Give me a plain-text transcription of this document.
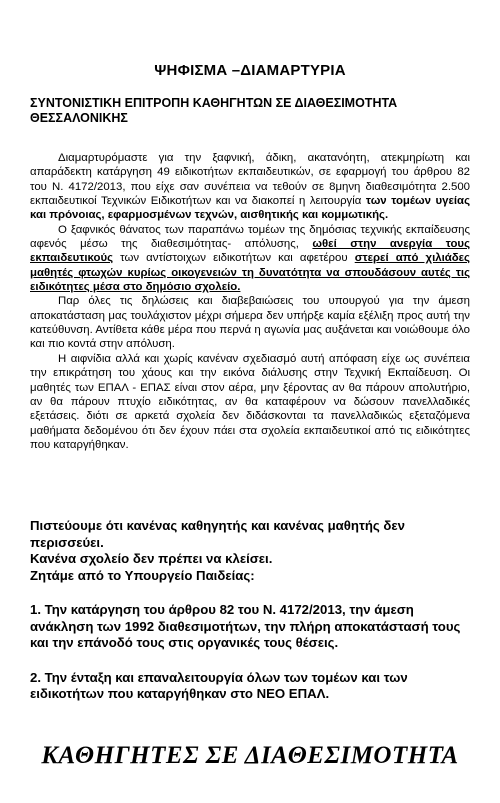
ΨΗΦΙΣΜΑ –ΔΙΑΜΑΡΤΥΡΙΑ
ΣΥΝΤΟΝΙΣΤΙΚΗ ΕΠΙΤΡΟΠΗ ΚΑΘΗΓΗΤΩΝ ΣΕ ΔΙΑΘΕΣΙΜΟΤΗΤΑ ΘΕΣΣΑΛΟΝΙΚΗΣ

Διαμαρτυρόμαστε για την ξαφνική, άδικη, ακατανόητη, ατεκμηρίωτη και απαράδεκτη κατάργηση 49 ειδικοτήτων εκπαιδευτικών, σε εφαρμογή του άρθρου 82 του Ν. 4172/2013, που είχε σαν συνέπεια να τεθούν σε 8μηνη διαθεσιμότητα 2.500 εκπαιδευτικοί Τεχνικών Ειδικοτήτων και να διακοπεί η λειτουργία των τομέων υγείας και πρόνοιας, εφαρμοσμένων τεχνών, αισθητικής και κομμωτικής.

Ο ξαφνικός θάνατος των παραπάνω τομέων της δημόσιας τεχνικής εκπαίδευσης αφενός μέσω της διαθεσιμότητας- απόλυσης, ωθεί στην ανεργία τους εκπαιδευτικούς των αντίστοιχων ειδικοτήτων και αφετέρου στερεί από χιλιάδες μαθητές φτωχών κυρίως οικογενειών τη δυνατότητα να σπουδάσουν αυτές τις ειδικότητες μέσα στο δημόσιο σχολείο.

Παρ όλες τις δηλώσεις και διαβεβαιώσεις του υπουργού για την άμεση αποκατάσταση μας τουλάχιστον μέχρι σήμερα δεν υπήρξε καμία εξέλιξη προς αυτή την κατεύθυνση. Αντίθετα κάθε μέρα που περνά η αγωνία μας αυξάνεται και νοιώθουμε όλο και πιο κοντά στην απόλυση.

Η αιφνίδια αλλά και χωρίς κανέναν σχεδιασμό αυτή απόφαση είχε ως συνέπεια την επικράτηση του χάους και την εικόνα διάλυσης στην Τεχνική Εκπαίδευση. Οι μαθητές των ΕΠΑΛ - ΕΠΑΣ είναι στον αέρα, μην ξέροντας αν θα πάρουν απολυτήριο, αν θα πάρουν πτυχίο ειδικότητας, αν θα καταφέρουν να δώσουν πανελλαδικές εξετάσεις. διότι σε αρκετά σχολεία δεν διδάσκονται τα πανελλαδικώς εξεταζόμενα μαθήματα δεδομένου ότι δεν έχουν πάει στα σχολεία εκπαιδευτικοί από τις ειδικότητες που καταργήθηκαν.

Πιστεύουμε ότι κανένας καθηγητής και κανένας μαθητής δεν περισσεύει.

Κανένα σχολείο δεν πρέπει να κλείσει.

Ζητάμε από το Υπουργείο Παιδείας:

1. Την κατάργηση του άρθρου 82 του Ν. 4172/2013, την άμεση ανάκληση των 1992 διαθεσιμοτήτων, την πλήρη αποκατάστασή τους και την επάνοδό τους στις οργανικές τους θέσεις.

2. Την ένταξη και επαναλειτουργία όλων των τομέων και των ειδικοτήτων που καταργήθηκαν στο ΝΕΟ ΕΠΑΛ.

ΚΑΘΗΓΗΤΕΣ ΣΕ ΔΙΑΘΕΣΙΜΟΤΗΤΑ
